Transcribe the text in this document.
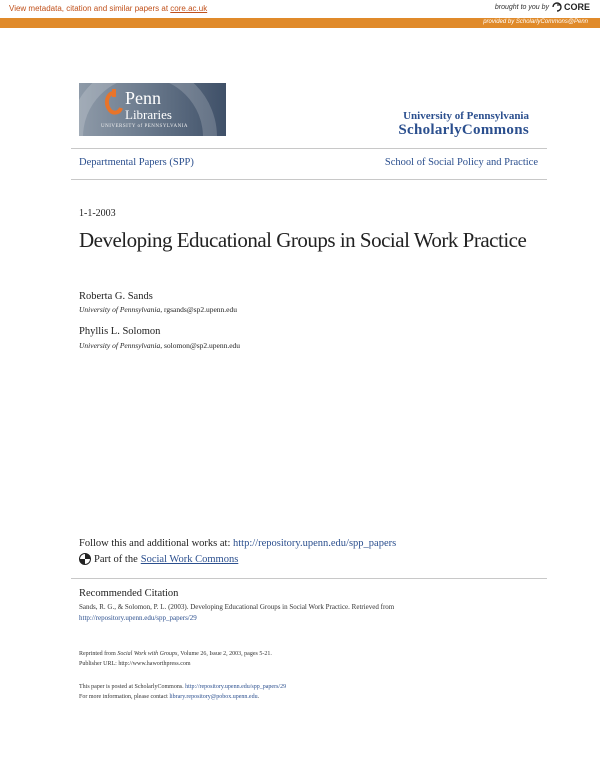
View metadata, citation and similar papers at core.ac.uk	brought to you by CORE
provided by ScholarlyCommons@Penn
Penn
Libraries
UNIVERSITY of PENNSYLVANIA
University of Pennsylvania
ScholarlyCommons
Departmental Papers (SPP)	School of Social Policy and Practice
1-1-2003
Developing Educational Groups in Social Work Practice
Roberta G. Sands
University of Pennsylvania, rgsands@sp2.upenn.edu
Phyllis L. Solomon
University of Pennsylvania, solomon@sp2.upenn.edu
Follow this and additional works at: http://repository.upenn.edu/spp_papers
Part of the Social Work Commons
Recommended Citation
Sands, R. G., & Solomon, P. L. (2003). Developing Educational Groups in Social Work Practice. Retrieved from
http://repository.upenn.edu/spp_papers/29
Reprinted from Social Work with Groups, Volume 26, Issue 2, 2003, pages 5-21.
Publisher URL: http://www.haworthpress.com
This paper is posted at ScholarlyCommons. http://repository.upenn.edu/spp_papers/29
For more information, please contact library.repository@pobox.upenn.edu.
